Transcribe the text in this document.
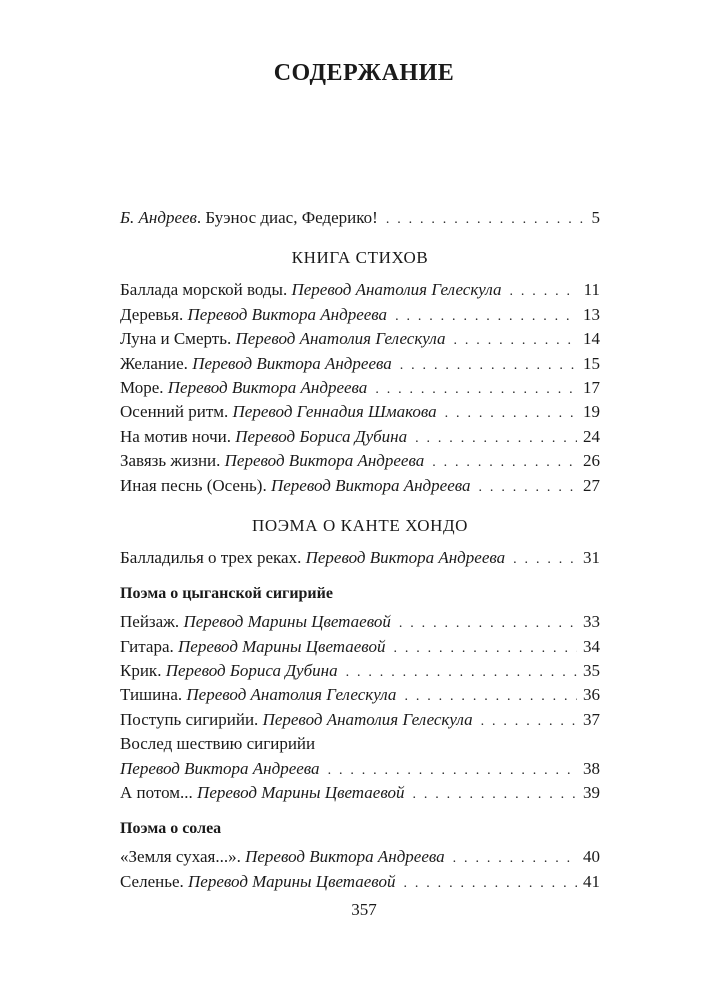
СОДЕРЖАНИЕ
Б. Андреев. Буэнос диас, Федерико! . . .	5
КНИГА СТИХОВ
Баллада морской воды. Перевод Анатолия Гелескула . . .	11
Деревья. Перевод Виктора Андреева . . .	13
Луна и Смерть. Перевод Анатолия Гелескула . . .	14
Желание. Перевод Виктора Андреева . . .	15
Море. Перевод Виктора Андреева . . .	17
Осенний ритм. Перевод Геннадия Шмакова . . .	19
На мотив ночи. Перевод Бориса Дубина . . .	24
Завязь жизни. Перевод Виктора Андреева . . .	26
Иная песнь (Осень). Перевод Виктора Андреева . . .	27
ПОЭМА О КАНТЕ ХОНДО
Балладилья о трех реках. Перевод Виктора Андреева . . .	31
Поэма о цыганской сигирийе
Пейзаж. Перевод Марины Цветаевой . . .	33
Гитара. Перевод Марины Цветаевой . . .	34
Крик. Перевод Бориса Дубина . . .	35
Тишина. Перевод Анатолия Гелескула . . .	36
Поступь сигирийи. Перевод Анатолия Гелескула . . .	37
Вослед шествию сигирийи
Перевод Виктора Андреева . . .	38
А потом... Перевод Марины Цветаевой . . .	39
Поэма о солеа
«Земля сухая...». Перевод Виктора Андреева . . .	40
Селенье. Перевод Марины Цветаевой . . .	41
357
